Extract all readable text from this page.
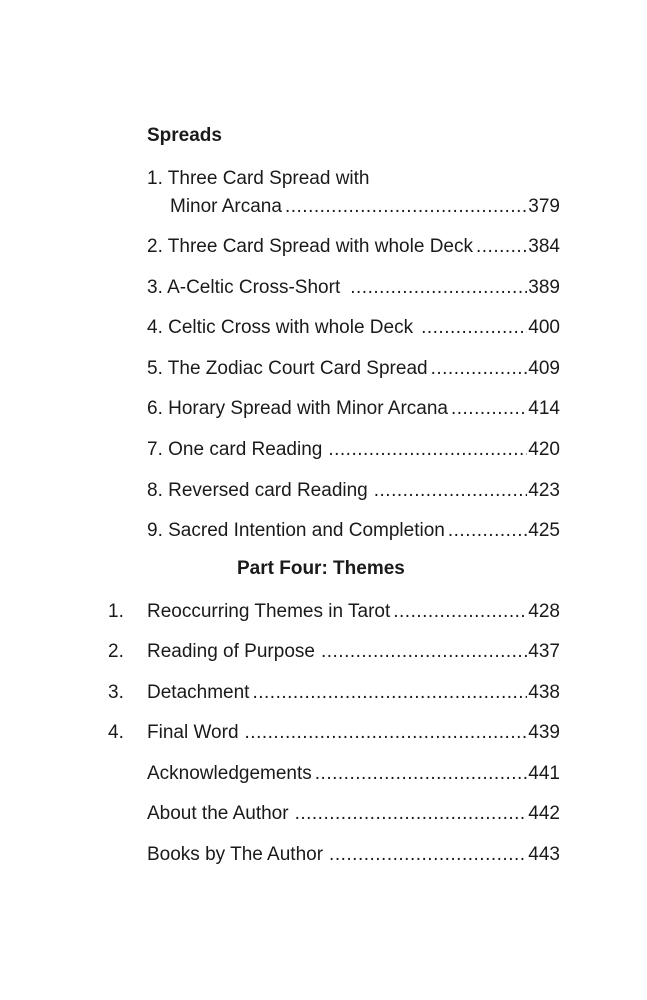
Spreads
1. Three Card Spread with
Minor Arcana .....	379
2. Three Card Spread with whole Deck .....	384
3. A-Celtic Cross-Short .....	389
4. Celtic Cross with whole Deck .....	400
5. The Zodiac Court Card Spread .....	409
6. Horary Spread with Minor Arcana .....	414
7. One card Reading .....	420
8. Reversed card Reading .....	423
9. Sacred Intention and Completion .....	425
Part Four: Themes
1.	Reoccurring Themes in Tarot .....	428
2.	Reading of Purpose .....	437
3.	Detachment .....	438
4.	Final Word .....	439
Acknowledgements .....	441
About the Author .....	442
Books by The Author .....	443
